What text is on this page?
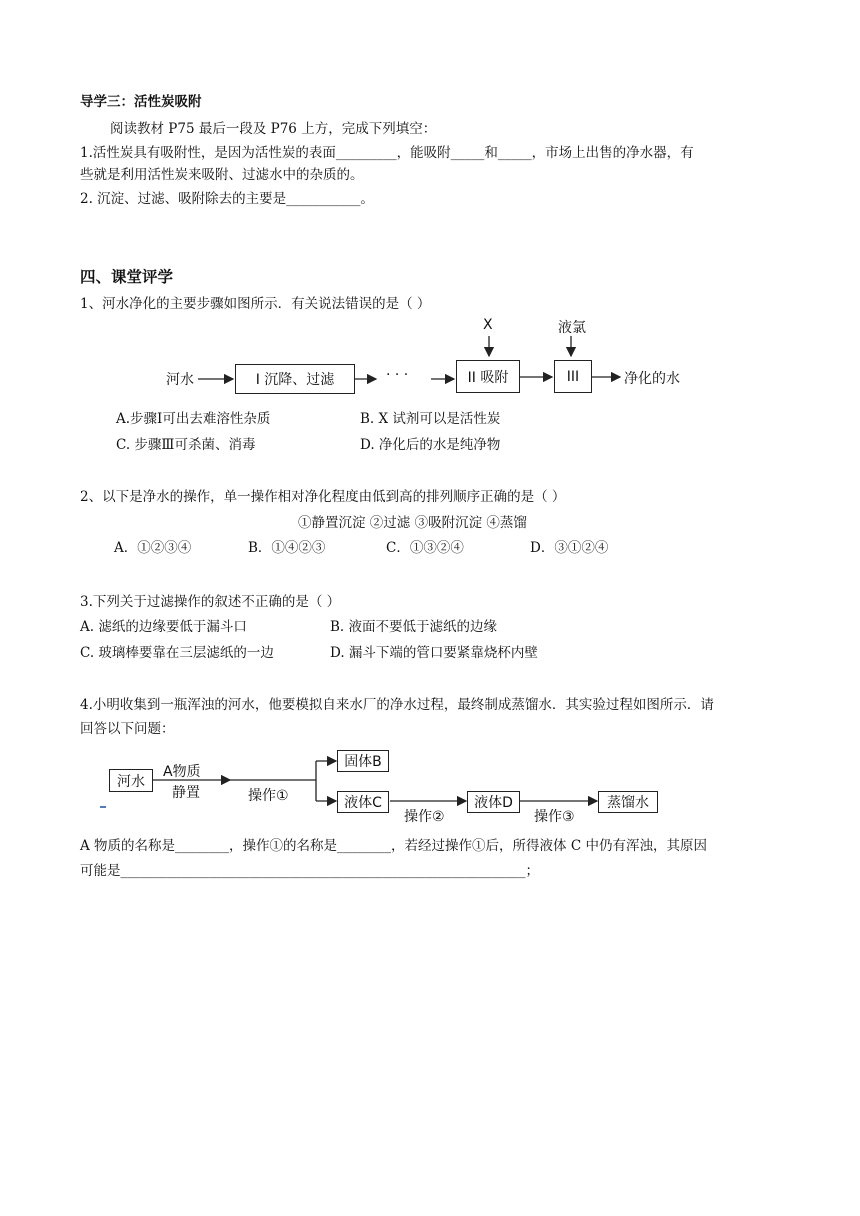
导学三：活性炭吸附
阅读教材 P75 最后一段及 P76 上方，完成下列填空：
1.活性炭具有吸附性，是因为活性炭的表面_________，能吸附_____和_____，市场上出售的净水器，有
些就是利用活性炭来吸附、过滤水中的杂质的。
2. 沉淀、过滤、吸附除去的主要是___________。
四、课堂评学
1、河水净化的主要步骤如图所示．有关说法错误的是（ ）
河水	I 沉降、过滤	· · ·	II 吸附	III
X	液氯
净化的水
A.步骤Ⅰ可出去难溶性杂质	B. X 试剂可以是活性炭
C. 步骤Ⅲ可杀菌、消毒	D. 净化后的水是纯净物
2、以下是净水的操作，单一操作相对净化程度由低到高的排列顺序正确的是（ ）
①静置沉淀 ②过滤 ③吸附沉淀 ④蒸馏
A．①②③④	B．①④②③	C．①③②④	D．③①②④
3.下列关于过滤操作的叙述不正确的是（ ）
A. 滤纸的边缘要低于漏斗口	B. 液面不要低于滤纸的边缘
C. 玻璃棒要靠在三层滤纸的一边	D. 漏斗下端的管口要紧靠烧杯内壁
4.小明收集到一瓶浑浊的河水，他要模拟自来水厂的净水过程，最终制成蒸馏水．其实验过程如图所示．请
回答以下问题：
河水
A物质
静置	操作①
固体B
液体C
操作②
液体D
操作③
蒸馏水
A 物质的名称是________，操作①的名称是________，若经过操作①后，所得液体 C 中仍有浑浊，其原因
可能是____________________________________________________________；
